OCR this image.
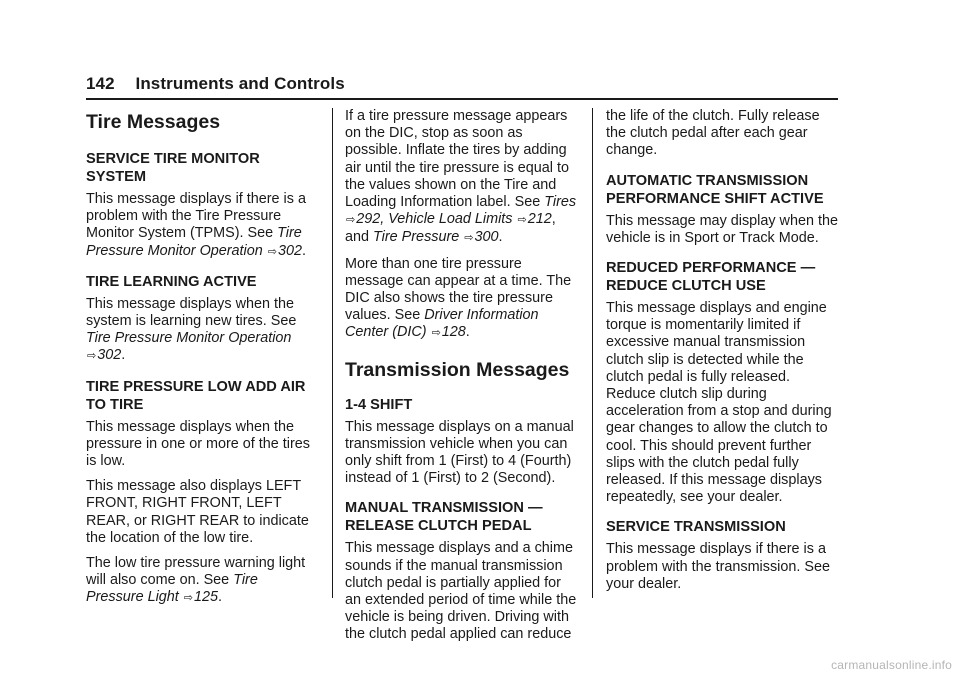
142 Instruments and Controls
Tire Messages
SERVICE TIRE MONITOR SYSTEM

This message displays if there is a problem with the Tire Pressure Monitor System (TPMS). See Tire Pressure Monitor Operation ⇨302.

TIRE LEARNING ACTIVE

This message displays when the system is learning new tires. See Tire Pressure Monitor Operation ⇨302.

TIRE PRESSURE LOW ADD AIR TO TIRE

This message displays when the pressure in one or more of the tires is low.

This message also displays LEFT FRONT, RIGHT FRONT, LEFT REAR, or RIGHT REAR to indicate the location of the low tire.

The low tire pressure warning light will also come on. See Tire Pressure Light ⇨125.

If a tire pressure message appears on the DIC, stop as soon as possible. Inflate the tires by adding air until the tire pressure is equal to the values shown on the Tire and Loading Information label. See Tires ⇨292, Vehicle Load Limits ⇨212, and Tire Pressure ⇨300.

More than one tire pressure message can appear at a time. The DIC also shows the tire pressure values. See Driver Information Center (DIC) ⇨128.

Transmission Messages
1-4 SHIFT

This message displays on a manual transmission vehicle when you can only shift from 1 (First) to 4 (Fourth) instead of 1 (First) to 2 (Second).

MANUAL TRANSMISSION — RELEASE CLUTCH PEDAL

This message displays and a chime sounds if the manual transmission clutch pedal is partially applied for an extended period of time while the vehicle is being driven. Driving with the clutch pedal applied can reduce

the life of the clutch. Fully release the clutch pedal after each gear change.

AUTOMATIC TRANSMISSION PERFORMANCE SHIFT ACTIVE

This message may display when the vehicle is in Sport or Track Mode.

REDUCED PERFORMANCE — REDUCE CLUTCH USE

This message displays and engine torque is momentarily limited if excessive manual transmission clutch slip is detected while the clutch pedal is fully released. Reduce clutch slip during acceleration from a stop and during gear changes to allow the clutch to cool. This should prevent further slips with the clutch pedal fully released. If this message displays repeatedly, see your dealer.

SERVICE TRANSMISSION

This message displays if there is a problem with the transmission. See your dealer.

carmanualsonline.info
